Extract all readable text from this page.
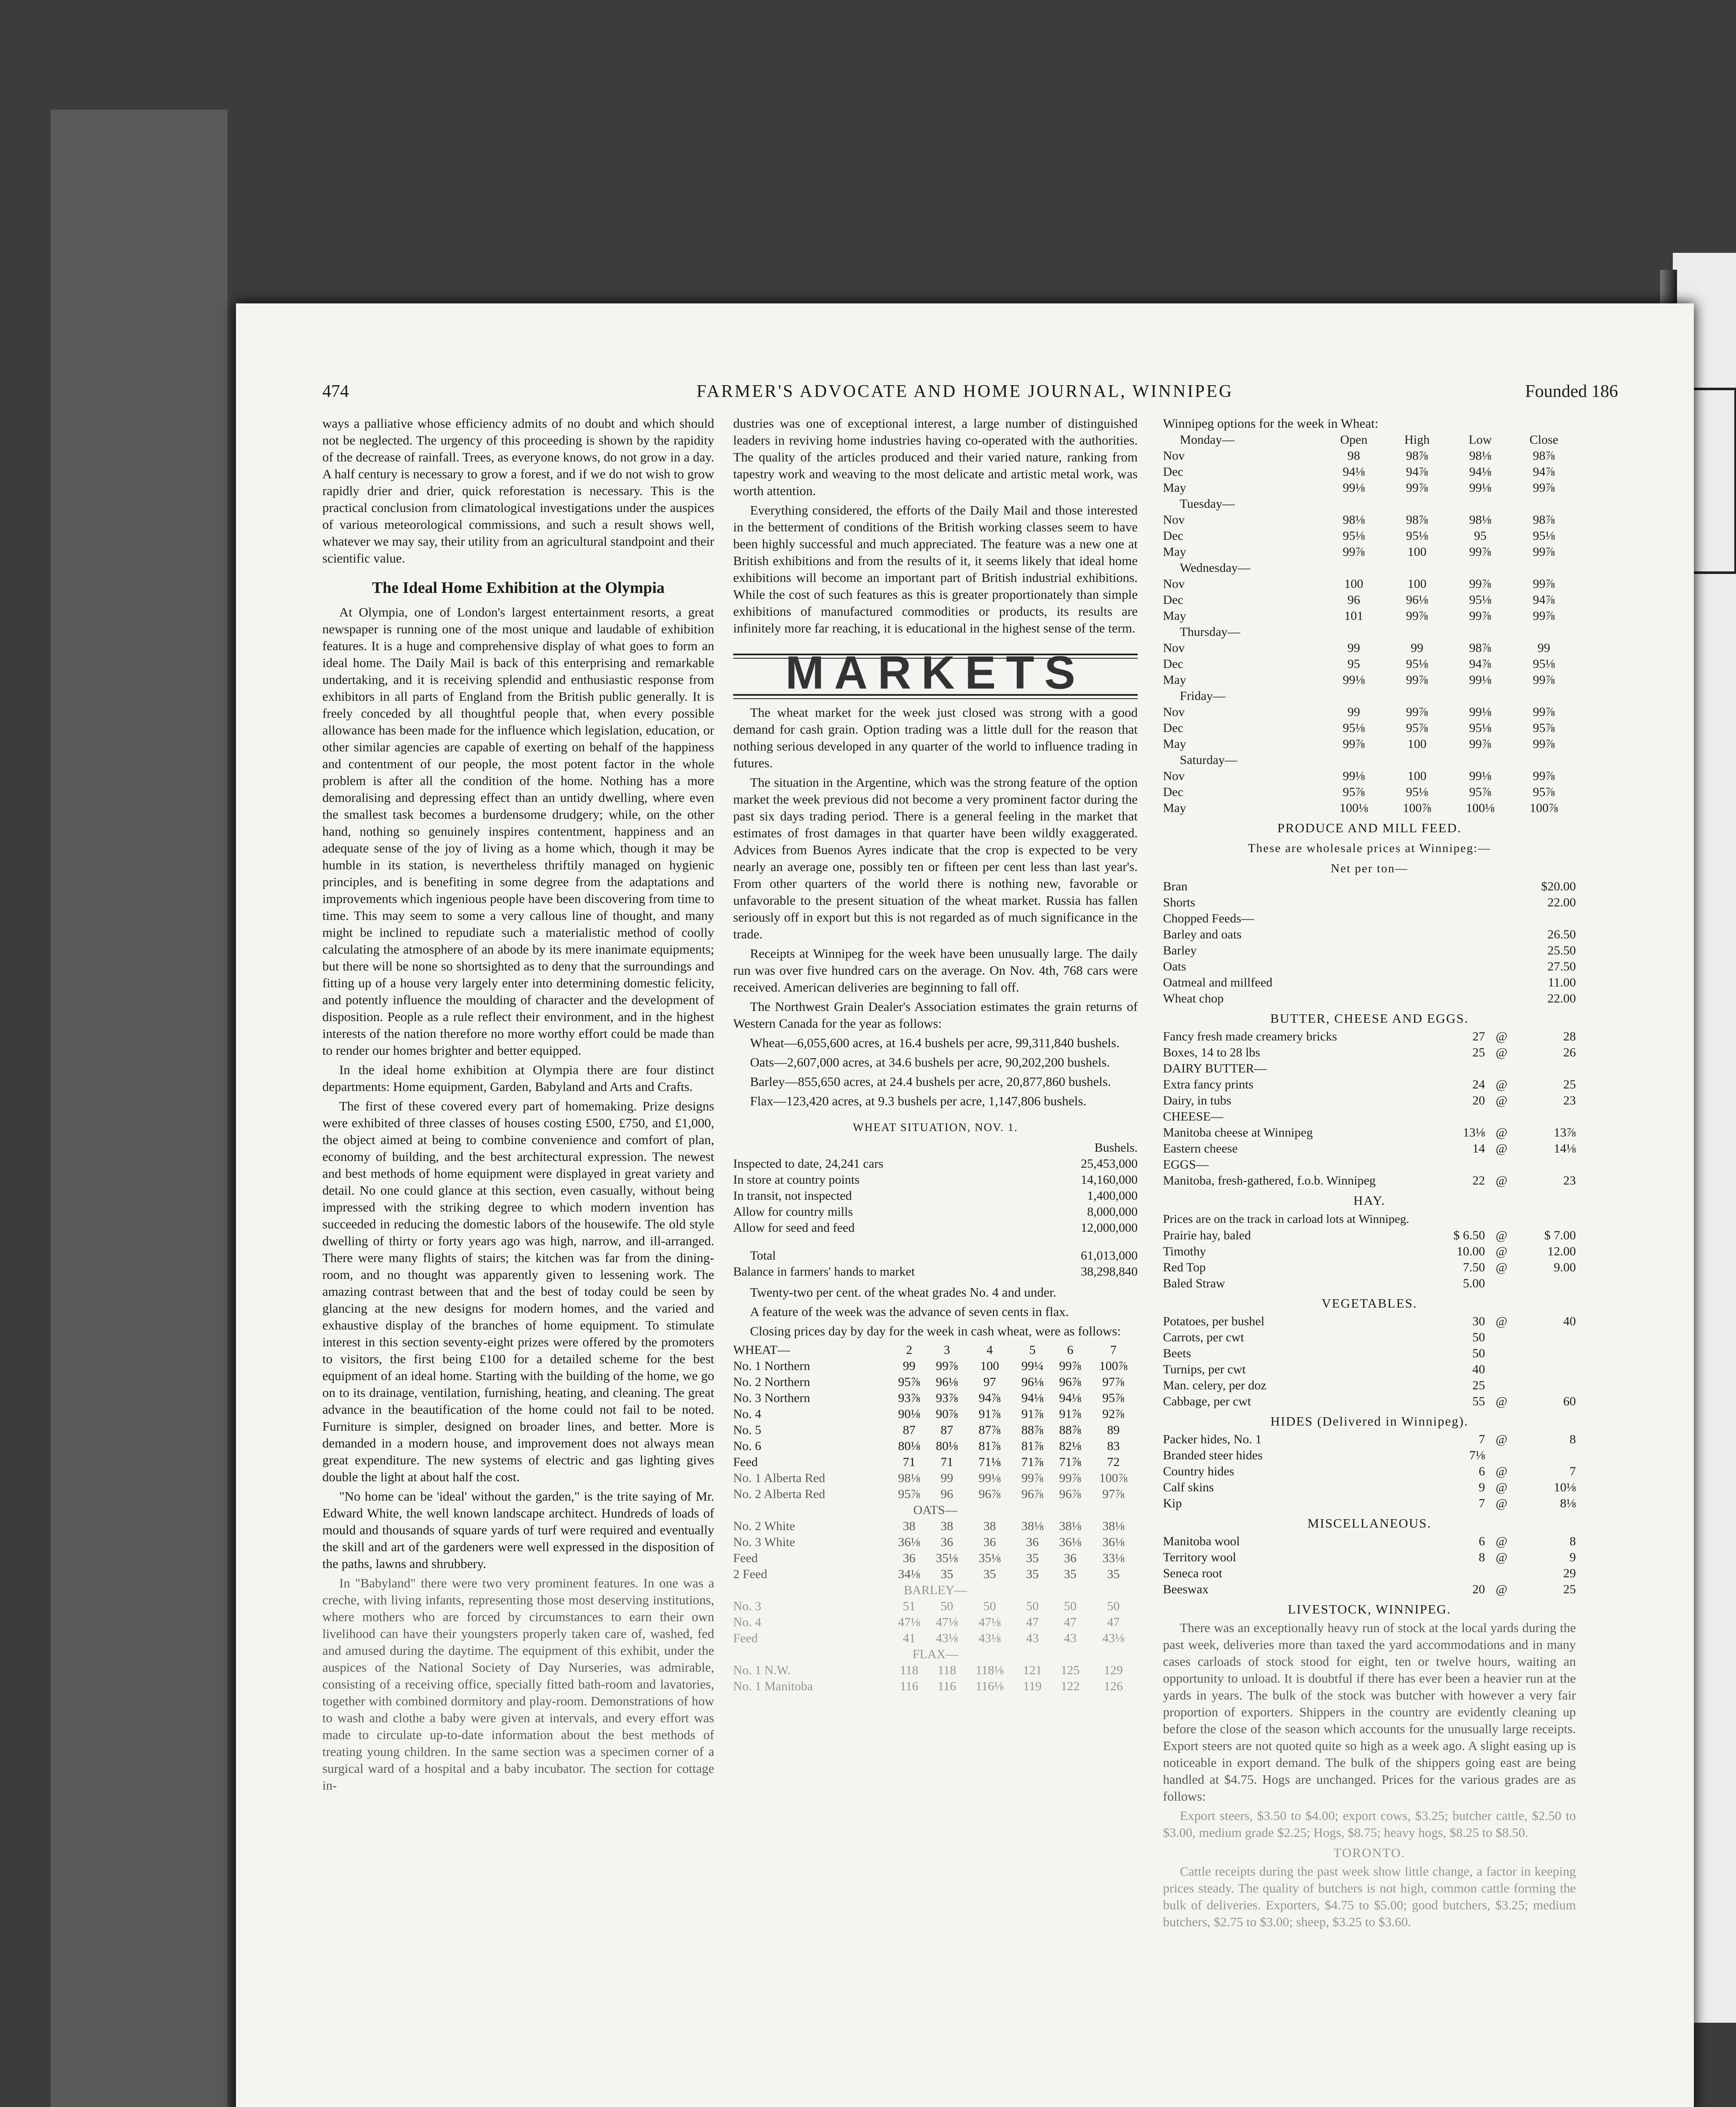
474	FARMER'S ADVOCATE AND HOME JOURNAL, WINNIPEG	Founded 186

ways a palliative whose efficiency admits of no doubt and which should not be neglected. The urgency of this proceeding is shown by the rapidity of the decrease of rainfall. Trees, as everyone knows, do not grow in a day. A half century is necessary to grow a forest, and if we do not wish to grow rapidly drier and drier, quick reforestation is necessary. This is the practical conclusion from climatological investigations under the auspices of various meteorological commissions, and such a result shows well, whatever we may say, their utility from an agricultural standpoint and their scientific value.

The Ideal Home Exhibition at the Olympia

At Olympia, one of London's largest entertainment resorts, a great newspaper is running one of the most unique and laudable of exhibition features. It is a huge and comprehensive display of what goes to form an ideal home. The Daily Mail is back of this enterprising and remarkable undertaking, and it is receiving splendid and enthusiastic response from exhibitors in all parts of England from the British public generally. It is freely conceded by all thoughtful people that, when every possible allowance has been made for the influence which legislation, education, or other similar agencies are capable of exerting on behalf of the happiness and contentment of our people, the most potent factor in the whole problem is after all the condition of the home. Nothing has a more demoralising and depressing effect than an untidy dwelling, where even the smallest task becomes a burdensome drudgery; while, on the other hand, nothing so genuinely inspires contentment, happiness and an adequate sense of the joy of living as a home which, though it may be humble in its station, is nevertheless thriftily managed on hygienic principles, and is benefiting in some degree from the adaptations and improvements which ingenious people have been discovering from time to time. This may seem to some a very callous line of thought, and many might be inclined to repudiate such a materialistic method of coolly calculating the atmosphere of an abode by its mere inanimate equipments; but there will be none so shortsighted as to deny that the surroundings and fitting up of a house very largely enter into determining domestic felicity, and potently influence the moulding of character and the development of disposition. People as a rule reflect their environment, and in the highest interests of the nation therefore no more worthy effort could be made than to render our homes brighter and better equipped.

In the ideal home exhibition at Olympia there are four distinct departments: Home equipment, Garden, Babyland and Arts and Crafts.

The first of these covered every part of homemaking. Prize designs were exhibited of three classes of houses costing £500, £750, and £1,000, the object aimed at being to combine convenience and comfort of plan, economy of building, and the best architectural expression. The newest and best methods of home equipment were displayed in great variety and detail. No one could glance at this section, even casually, without being impressed with the striking degree to which modern invention has succeeded in reducing the domestic labors of the housewife. The old style dwelling of thirty or forty years ago was high, narrow, and ill-arranged. There were many flights of stairs; the kitchen was far from the dining-room, and no thought was apparently given to lessening work. The amazing contrast between that and the best of today could be seen by glancing at the new designs for modern homes, and the varied and exhaustive display of the branches of home equipment. To stimulate interest in this section seventy-eight prizes were offered by the promoters to visitors, the first being £100 for a detailed scheme for the best equipment of an ideal home. Starting with the building of the home, we go on to its drainage, ventilation, furnishing, heating, and cleaning. The great advance in the beautification of the home could not fail to be noted. Furniture is simpler, designed on broader lines, and better. More is demanded in a modern house, and improvement does not always mean great expenditure. The new systems of electric and gas lighting gives double the light at about half the cost.

"No home can be 'ideal' without the garden," is the trite saying of Mr. Edward White, the well known landscape architect. Hundreds of loads of mould and thousands of square yards of turf were required and eventually the skill and art of the gardeners were well expressed in the disposition of the paths, lawns and shrubbery.

In "Babyland" there were two very prominent features. In one was a creche, with living infants, representing those most deserving institutions, where mothers who are forced by circumstances to earn their own livelihood can have their youngsters properly taken care of, washed, fed and amused during the daytime. The equipment of this exhibit, under the auspices of the National Society of Day Nurseries, was admirable, consisting of a receiving office, specially fitted bath-room and lavatories, together with combined dormitory and play-room. Demonstrations of how to wash and clothe a baby were given at intervals, and every effort was made to circulate up-to-date information about the best methods of treating young children. In the same section was a specimen corner of a surgical ward of a hospital and a baby incubator. The section for cottage in-

dustries was one of exceptional interest, a large number of distinguished leaders in reviving home industries having co-operated with the authorities. The quality of the articles produced and their varied nature, ranking from tapestry work and weaving to the most delicate and artistic metal work, was worth attention.

Everything considered, the efforts of the Daily Mail and those interested in the betterment of conditions of the British working classes seem to have been highly successful and much appreciated. The feature was a new one at British exhibitions and from the results of it, it seems likely that ideal home exhibitions will become an important part of British industrial exhibitions. While the cost of such features as this is greater proportionately than simple exhibitions of manufactured commodities or products, its results are infinitely more far reaching, it is educational in the highest sense of the term.

MARKETS

The wheat market for the week just closed was strong with a good demand for cash grain. Option trading was a little dull for the reason that nothing serious developed in any quarter of the world to influence trading in futures.

The situation in the Argentine, which was the strong feature of the option market the week previous did not become a very prominent factor during the past six days trading period. There is a general feeling in the market that estimates of frost damages in that quarter have been wildly exaggerated. Advices from Buenos Ayres indicate that the crop is expected to be very nearly an average one, possibly ten or fifteen per cent less than last year's. From other quarters of the world there is nothing new, favorable or unfavorable to the present situation of the wheat market. Russia has fallen seriously off in export but this is not regarded as of much significance in the trade.

Receipts at Winnipeg for the week have been unusually large. The daily run was over five hundred cars on the average. On Nov. 4th, 768 cars were received. American deliveries are beginning to fall off.

The Northwest Grain Dealer's Association estimates the grain returns of Western Canada for the year as follows:

Wheat—6,055,600 acres, at 16.4 bushels per acre, 99,311,840 bushels.

Oats—2,607,000 acres, at 34.6 bushels per acre, 90,202,200 bushels.

Barley—855,650 acres, at 24.4 bushels per acre, 20,877,860 bushels.

Flax—123,420 acres, at 9.3 bushels per acre, 1,147,806 bushels.

WHEAT SITUATION, NOV. 1.
	Bushels.
Inspected to date, 24,241 cars	25,453,000
In store at country points	14,160,000
In transit, not inspected	1,400,000
Allow for country mills	8,000,000
Allow for seed and feed	12,000,000

Total	61,013,000
Balance in farmers' hands to market	38,298,840

Twenty-two per cent. of the wheat grades No. 4 and under.

A feature of the week was the advance of seven cents in flax.

Closing prices day by day for the week in cash wheat, were as follows:

WHEAT—	2	3	4	5	6	7
No. 1 Northern	99	99⅞	100	99¼	99⅞	100⅞
No. 2 Northern	95⅞	96⅛	97	96⅛	96⅞	97⅞
No. 3 Northern	93⅞	93⅞	94⅞	94⅛	94⅛	95⅞
No. 4	90⅛	90⅞	91⅞	91⅞	91⅞	92⅞
No. 5	87	87	87⅞	88⅞	88⅞	89
No. 6	80⅛	80⅛	81⅞	81⅞	82⅛	83
Feed	71	71	71⅛	71⅞	71⅞	72
No. 1 Alberta Red	98⅛	99	99⅛	99⅞	99⅞	100⅞
No. 2 Alberta Red	95⅞	96	96⅞	96⅞	96⅞	97⅞
OATS—						
No. 2 White	38	38	38	38⅛	38⅛	38⅛
No. 3 White	36⅛	36	36	36	36⅛	36⅛
Feed	36	35⅛	35⅛	35	36	33⅛
2 Feed	34⅛	35	35	35	35	35
BARLEY—						
No. 3	51	50	50	50	50	50
No. 4	47⅛	47⅛	47⅛	47	47	47
Feed	41	43⅛	43⅛	43	43	43⅛
FLAX—						
No. 1 N.W.	118	118	118⅛	121	125	129
No. 1 Manitoba	116	116	116⅛	119	122	126
Winnipeg options for the week in Wheat:
Monday—	Open	High	Low	Close
Nov	98	98⅞	98⅛	98⅞
Dec	94⅛	94⅞	94⅛	94⅞
May	99⅛	99⅞	99⅛	99⅞
Tuesday—				
Nov	98⅛	98⅞	98⅛	98⅞
Dec	95⅛	95⅛	95	95⅛
May	99⅞	100	99⅞	99⅞
Wednesday—				
Nov	100	100	99⅞	99⅞
Dec	96	96⅛	95⅛	94⅞
May	101	99⅞	99⅞	99⅞
Thursday—				
Nov	99	99	98⅞	99
Dec	95	95⅛	94⅞	95⅛
May	99⅛	99⅞	99⅛	99⅞
Friday—				
Nov	99	99⅞	99⅛	99⅞
Dec	95⅛	95⅞	95⅛	95⅞
May	99⅞	100	99⅞	99⅞
Saturday—				
Nov	99⅛	100	99⅛	99⅞
Dec	95⅞	95⅛	95⅞	95⅞
May	100⅛	100⅞	100⅛	100⅞
PRODUCE AND MILL FEED.
These are wholesale prices at Winnipeg:—
Net per ton—
Bran	$20.00
Shorts	22.00
Chopped Feeds—	
Barley and oats	26.50
Barley	25.50
Oats	27.50
Oatmeal and millfeed	11.00
Wheat chop	22.00
BUTTER, CHEESE AND EGGS.
Fancy fresh made creamery bricks	27	@	28
Boxes, 14 to 28 lbs	25	@	26
DAIRY BUTTER—			
Extra fancy prints	24	@	25
Dairy, in tubs	20	@	23
CHEESE—			
Manitoba cheese at Winnipeg	13⅛	@	13⅞
Eastern cheese	14	@	14⅛
EGGS—			
Manitoba, fresh-gathered, f.o.b. Winnipeg	22	@	23
HAY.
Prices are on the track in carload lots at Winnipeg.
Prairie hay, baled	$ 6.50	@	$ 7.00
Timothy	10.00	@	12.00
Red Top	7.50	@	9.00
Baled Straw	5.00		
VEGETABLES.
Potatoes, per bushel	30	@	40
Carrots, per cwt	50		
Beets	50		
Turnips, per cwt	40		
Man. celery, per doz	25		
Cabbage, per cwt	55	@	60
HIDES (Delivered in Winnipeg).
Packer hides, No. 1	7	@	8
Branded steer hides	7⅛		
Country hides	6	@	7
Calf skins	9	@	10⅛
Kip	7	@	8⅛
MISCELLANEOUS.
Manitoba wool	6	@	8
Territory wool	8	@	9
Seneca root			29
Beeswax	20	@	25
LIVESTOCK, WINNIPEG.

There was an exceptionally heavy run of stock at the local yards during the past week, deliveries more than taxed the yard accommodations and in many cases carloads of stock stood for eight, ten or twelve hours, waiting an opportunity to unload. It is doubtful if there has ever been a heavier run at the yards in years. The bulk of the stock was butcher with however a very fair proportion of exporters. Shippers in the country are evidently cleaning up before the close of the season which accounts for the unusually large receipts. Export steers are not quoted quite so high as a week ago. A slight easing up is noticeable in export demand. The bulk of the shippers going east are being handled at $4.75. Hogs are unchanged. Prices for the various grades are as follows:

Export steers, $3.50 to $4.00; export cows, $3.25; butcher cattle, $2.50 to $3.00, medium grade $2.25; Hogs, $8.75; heavy hogs, $8.25 to $8.50.

TORONTO.

Cattle receipts during the past week show little change, a factor in keeping prices steady. The quality of butchers is not high, common cattle forming the bulk of deliveries. Exporters, $4.75 to $5.00; good butchers, $3.25; medium butchers, $2.75 to $3.00; sheep, $3.25 to $3.60.
